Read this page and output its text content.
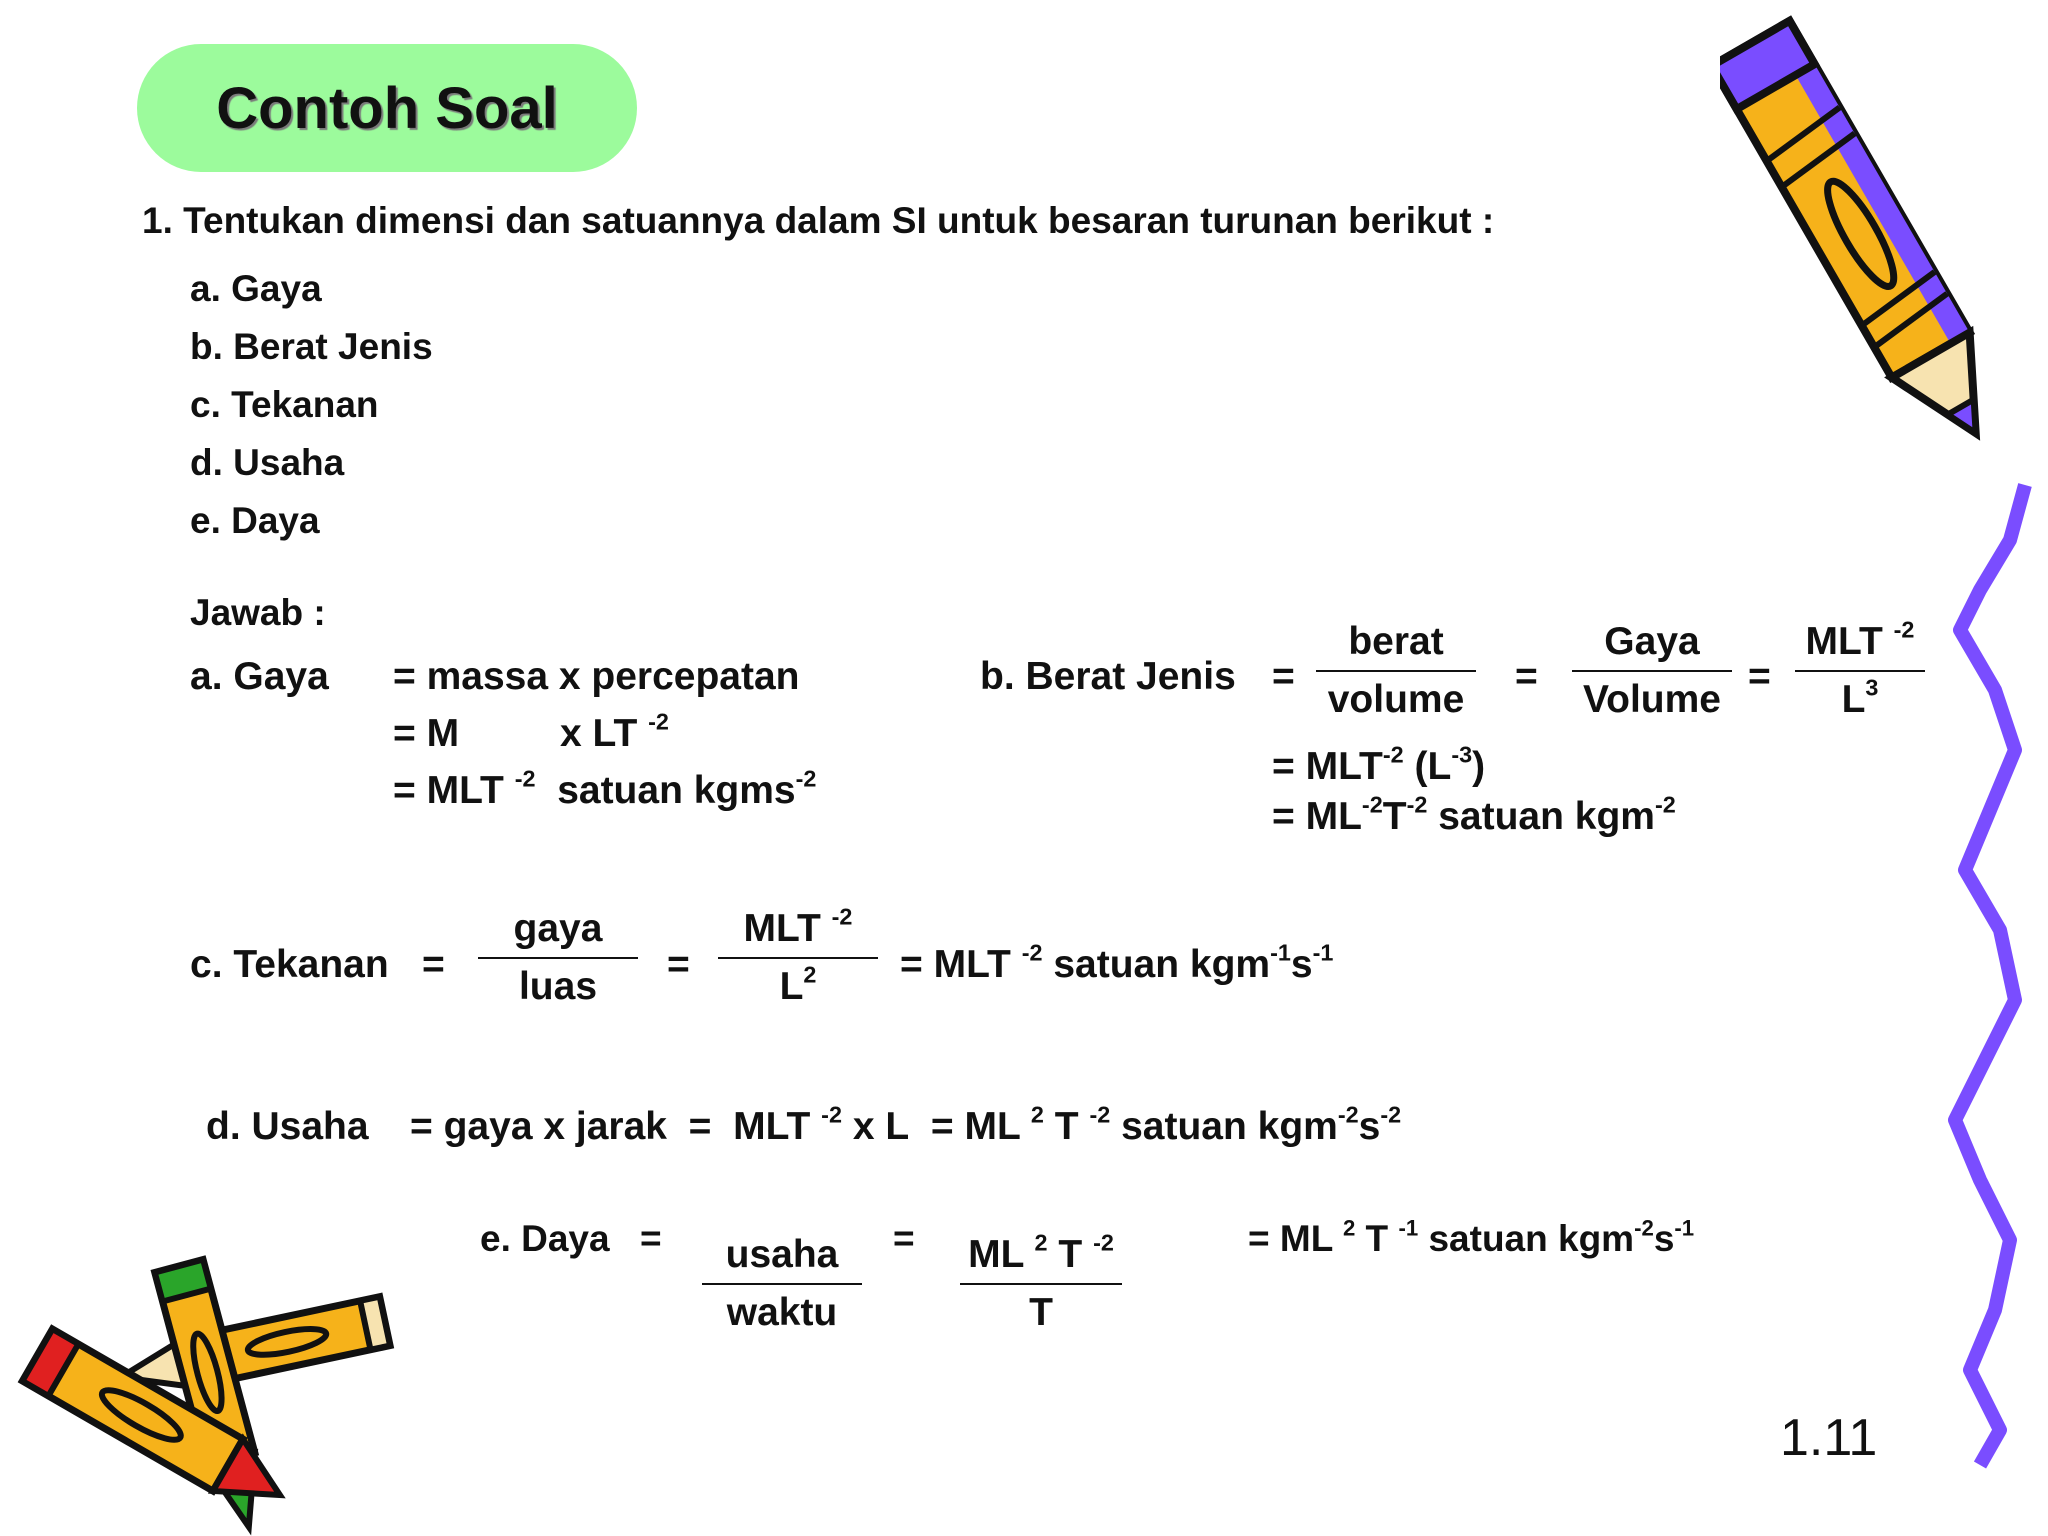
Contoh Soal
1. Tentukan dimensi dan satuannya dalam SI untuk besaran turunan berikut :
a. Gaya
b. Berat Jenis
c. Tekanan
d. Usaha
e. Daya
Jawab :
a. Gaya = massa x percepatan
= M	x LT $^{-2}$
= MLT $^{-2}$ satuan kgms$^{-2}$
b. Berat Jenis =
berat
volume
=
Gaya
Volume
=
MLT $^{-2}$
$L^3$
= $MLT^{-2}$ $(L^{-3})$
= $ML^{-2}T^{-2}$ satuan kgm$^{-2}$
c. Tekanan =
gaya
luas
=
MLT $^{-2}$
$L^2$ = MLT $^{-2}$ satuan $kgm^{-1}s^{-1}$
d. Usaha = gaya x jarak = MLT $^{-2}$ x L = ML $^2$ T $^{-2}$ satuan $kgm^{-2}s^{-2}$
e. Daya = usaha
waktu
= ML $^2$ T $^{-2}$
T
= ML $^2$ T $^{-1}$ satuan $kgm^{-2}s^{-1}$
1.11
